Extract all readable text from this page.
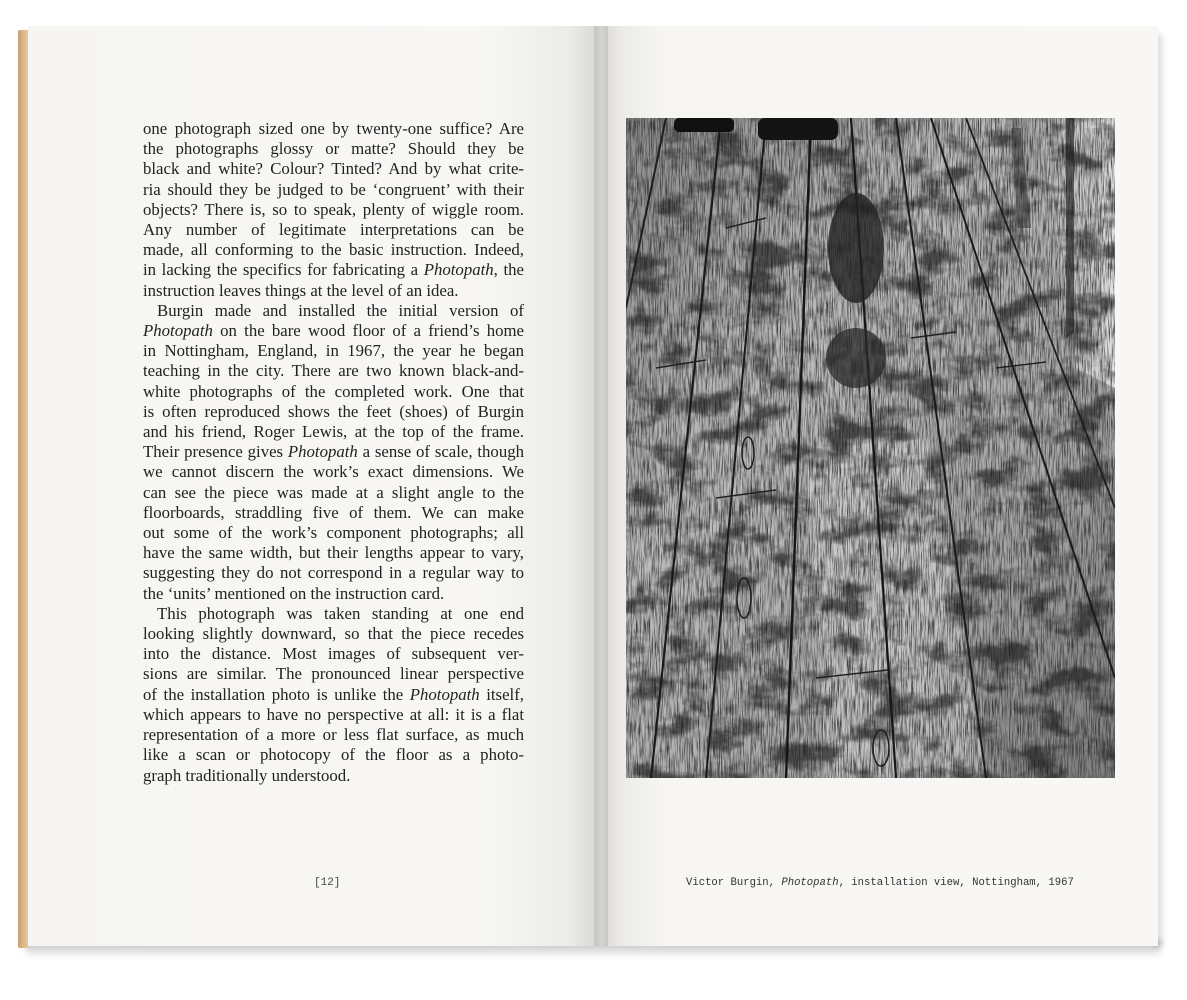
one photograph sized one by twenty-one suffice? Are
the photographs glossy or matte? Should they be
black and white? Colour? Tinted? And by what crite-
ria should they be judged to be ‘congruent’ with their
objects? There is, so to speak, plenty of wiggle room.
Any number of legitimate interpretations can be
made, all conforming to the basic instruction. Indeed,
in lacking the specifics for fabricating a Photopath, the
instruction leaves things at the level of an idea.
Burgin made and installed the initial version of
Photopath on the bare wood floor of a friend’s home
in Nottingham, England, in 1967, the year he began
teaching in the city. There are two known black-and-
white photographs of the completed work. One that
is often reproduced shows the feet (shoes) of Burgin
and his friend, Roger Lewis, at the top of the frame.
Their presence gives Photopath a sense of scale, though
we cannot discern the work’s exact dimensions. We
can see the piece was made at a slight angle to the
floorboards, straddling five of them. We can make
out some of the work’s component photographs; all
have the same width, but their lengths appear to vary,
suggesting they do not correspond in a regular way to
the ‘units’ mentioned on the instruction card.
This photograph was taken standing at one end
looking slightly downward, so that the piece recedes
into the distance. Most images of subsequent ver-
sions are similar. The pronounced linear perspective
of the installation photo is unlike the Photopath itself,
which appears to have no perspective at all: it is a flat
representation of a more or less flat surface, as much
like a scan or photocopy of the floor as a photo-
graph traditionally understood.
[12]	Victor Burgin, Photopath, installation view, Nottingham, 1967
